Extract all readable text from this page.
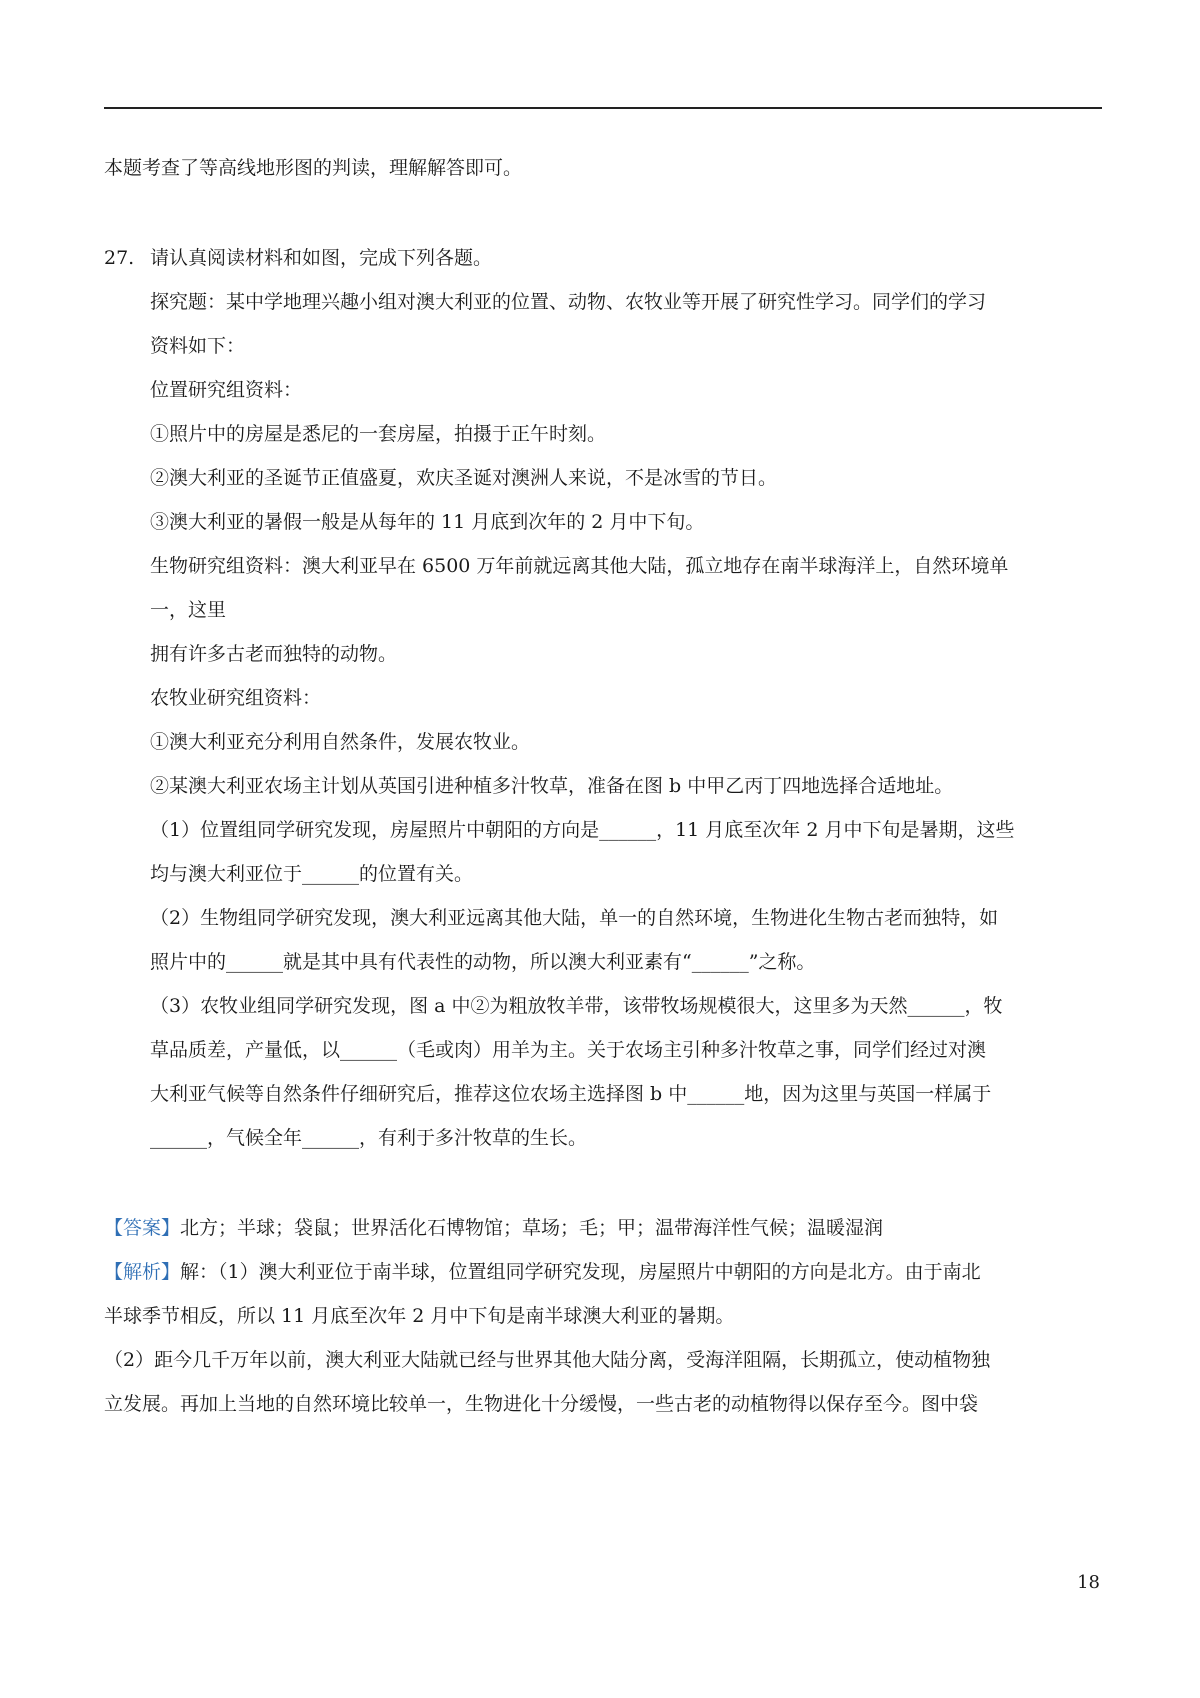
本题考查了等高线地形图的判读，理解解答即可。
27. 请认真阅读材料和如图，完成下列各题。
探究题：某中学地理兴趣小组对澳大利亚的位置、动物、农牧业等开展了研究性学习。同学们的学习
资料如下：
位置研究组资料：
①照片中的房屋是悉尼的一套房屋，拍摄于正午时刻。
②澳大利亚的圣诞节正值盛夏，欢庆圣诞对澳洲人来说，不是冰雪的节日。
③澳大利亚的暑假一般是从每年的 11 月底到次年的 2 月中下旬。
生物研究组资料：澳大利亚早在 6500 万年前就远离其他大陆，孤立地存在南半球海洋上，自然环境单
一，这里
拥有许多古老而独特的动物。
农牧业研究组资料：
①澳大利亚充分利用自然条件，发展农牧业。
②某澳大利亚农场主计划从英国引进种植多汁牧草，准备在图 b 中甲乙丙丁四地选择合适地址。
（1）位置组同学研究发现，房屋照片中朝阳的方向是______，11 月底至次年 2 月中下旬是暑期，这些
均与澳大利亚位于______的位置有关。
（2）生物组同学研究发现，澳大利亚远离其他大陆，单一的自然环境，生物进化生物古老而独特，如
照片中的______就是其中具有代表性的动物，所以澳大利亚素有“______”之称。
（3）农牧业组同学研究发现，图 a 中②为粗放牧羊带，该带牧场规模很大，这里多为天然______，牧
草品质差，产量低，以______（毛或肉）用羊为主。关于农场主引种多汁牧草之事，同学们经过对澳
大利亚气候等自然条件仔细研究后，推荐这位农场主选择图 b 中______地，因为这里与英国一样属于
______，气候全年______，有利于多汁牧草的生长。
【答案】北方；半球；袋鼠；世界活化石博物馆；草场；毛；甲；温带海洋性气候；温暖湿润
【解析】解：（1）澳大利亚位于南半球，位置组同学研究发现，房屋照片中朝阳的方向是北方。由于南北
半球季节相反，所以 11 月底至次年 2 月中下旬是南半球澳大利亚的暑期。
（2）距今几千万年以前，澳大利亚大陆就已经与世界其他大陆分离，受海洋阻隔，长期孤立，使动植物独
立发展。再加上当地的自然环境比较单一，生物进化十分缓慢，一些古老的动植物得以保存至今。图中袋
18
